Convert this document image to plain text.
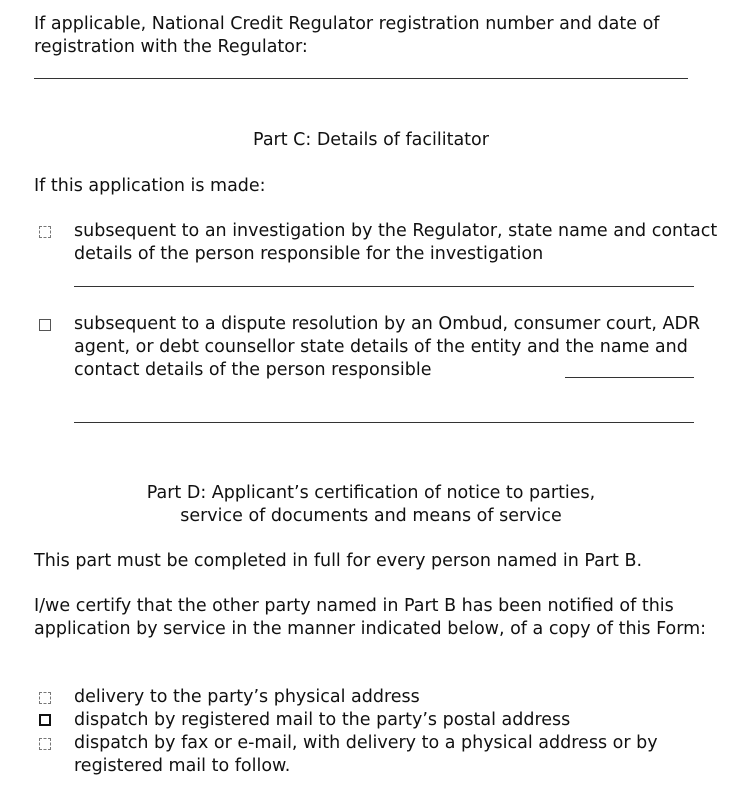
If applicable, National Credit Regulator registration number and date of registration with the Regulator:

Part C: Details of facilitator

If this application is made:

subsequent to an investigation by the Regulator, state name and contact details of the person responsible for the investigation
subsequent to a dispute resolution by an Ombud, consumer court, ADR agent, or debt counsellor state details of the entity and the name and contact details of the person responsible

Part D: Applicant’s certification of notice to parties,

service of documents and means of service

This part must be completed in full for every person named in Part B.

I/we certify that the other party named in Part B has been notified of this application by service in the manner indicated below, of a copy of this Form:

delivery to the party’s physical address
dispatch by registered mail to the party’s postal address
dispatch by fax or e-mail, with delivery to a physical address or by registered mail to follow.
